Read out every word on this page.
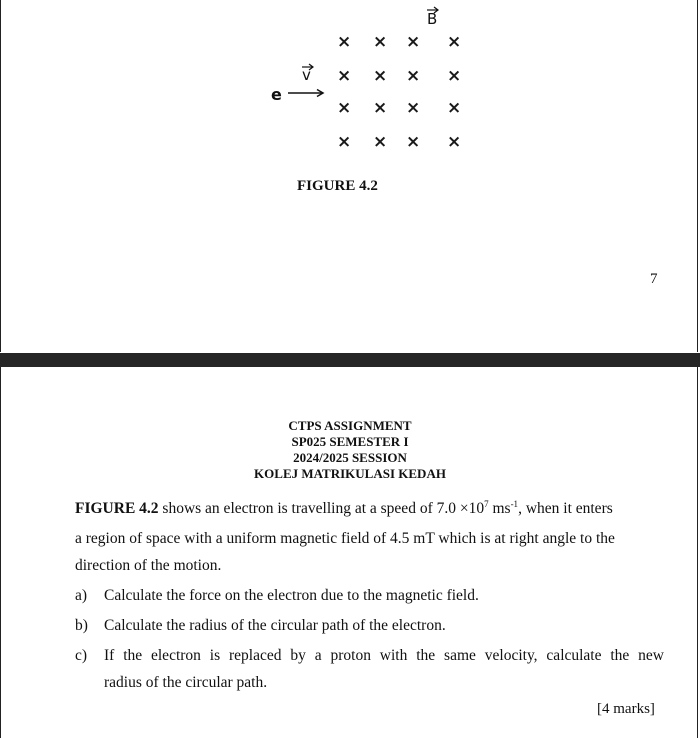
B
× × × ×
× × × ×
× × × ×
× × × ×
v
e
FIGURE 4.2
7
CTPS ASSIGNMENT
SP025 SEMESTER I
2024/2025 SESSION
KOLEJ MATRIKULASI KEDAH
FIGURE 4.2 shows an electron is travelling at a speed of $7.0 \times 10^7$ $ms^{-1}$, when it enters
a region of space with a uniform magnetic field of 4.5 mT which is at right angle to the
direction of the motion.
a) Calculate the force on the electron due to the magnetic field.
b) Calculate the radius of the circular path of the electron.
c) If the electron is replaced by a proton with the same velocity, calculate the new
radius of the circular path.
[4 marks]
